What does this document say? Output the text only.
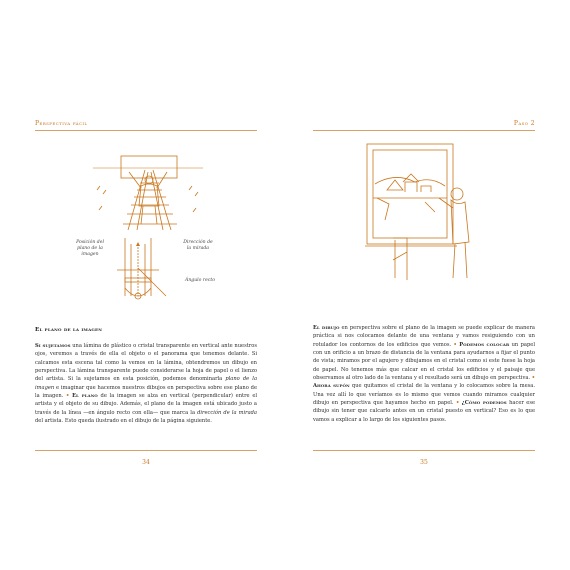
Perspectiva fácil
Posición del plano de la imagen
Dirección de la mirada
Ángulo recto
El plano de la imagen
Si sujetamos una lámina de plástico o cristal transparente en vertical ante nuestros ojos, veremos a través de ella el objeto o el panorama que tenemos delante. Si calcamos esta escena tal como la vemos en la lámina, obtendremos un dibujo en perspectiva. La lámina transparente puede considerarse la hoja de papel o el lienzo del artista. Si la sujetamos en esta posición, podemos denominarla plano de la imagen e imaginar que hacemos nuestros dibujos en perspectiva sobre ese plano de la imagen. • El plano de la imagen se alza en vertical (perpendicular) entre el artista y el objeto de su dibujo. Además, el plano de la imagen está ubicado justo a través de la línea —en ángulo recto con ella— que marca la dirección de la mirada del artista. Esto queda ilustrado en el dibujo de la página siguiente.
34
Paso 2
El dibujo en perspectiva sobre el plano de la imagen se puede explicar de manera práctica si nos colocamos delante de una ventana y vamos resiguiendo con un rotulador los contornos de los edificios que vemos. • Podemos colocar un papel con un orificio a un brazo de distancia de la ventana para ayudarnos a fijar el punto de vista; miramos por el agujero y dibujamos en el cristal como si este fuese la hoja de papel. No tenemos más que calcar en el cristal los edificios y el paisaje que observamos al otro lado de la ventana y el resultado será un dibujo en perspectiva. • Ahora supón que quitamos el cristal de la ventana y lo colocamos sobre la mesa. Una vez allí lo que veríamos es lo mismo que vemos cuando miramos cualquier dibujo en perspectiva que hayamos hecho en papel. • ¿Cómo podemos hacer ese dibujo sin tener que calcarlo antes en un cristal puesto en vertical? Eso es lo que vamos a explicar a lo largo de los siguientes pasos.
35
